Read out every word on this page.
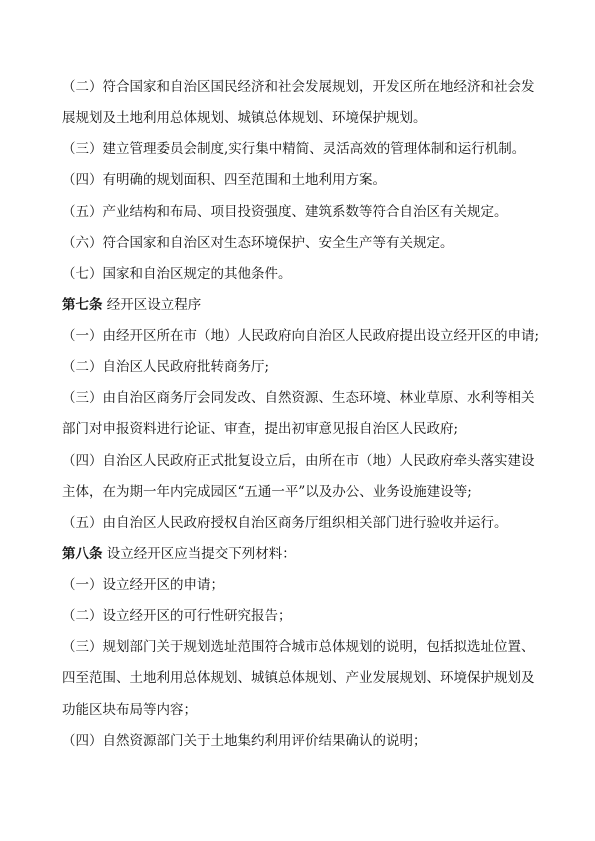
（二）符合国家和自治区国民经济和社会发展规划，开发区所在地经济和社会发
展规划及土地利用总体规划、城镇总体规划、环境保护规划。
（三）建立管理委员会制度,实行集中精简、灵活高效的管理体制和运行机制。
（四）有明确的规划面积、四至范围和土地利用方案。
（五）产业结构和布局、项目投资强度、建筑系数等符合自治区有关规定。
（六）符合国家和自治区对生态环境保护、安全生产等有关规定。
（七）国家和自治区规定的其他条件。
第七条 经开区设立程序
（一）由经开区所在市（地）人民政府向自治区人民政府提出设立经开区的申请;
（二）自治区人民政府批转商务厅;
（三）由自治区商务厅会同发改、自然资源、生态环境、林业草原、水利等相关
部门对申报资料进行论证、审查，提出初审意见报自治区人民政府;
（四）自治区人民政府正式批复设立后，由所在市（地）人民政府牵头落实建设
主体，在为期一年内完成园区“五通一平”以及办公、业务设施建设等;
（五）由自治区人民政府授权自治区商务厅组织相关部门进行验收并运行。
第八条 设立经开区应当提交下列材料：
（一）设立经开区的申请；
（二）设立经开区的可行性研究报告；
（三）规划部门关于规划选址范围符合城市总体规划的说明，包括拟选址位置、
四至范围、土地利用总体规划、城镇总体规划、产业发展规划、环境保护规划及
功能区块布局等内容；
（四）自然资源部门关于土地集约利用评价结果确认的说明；
